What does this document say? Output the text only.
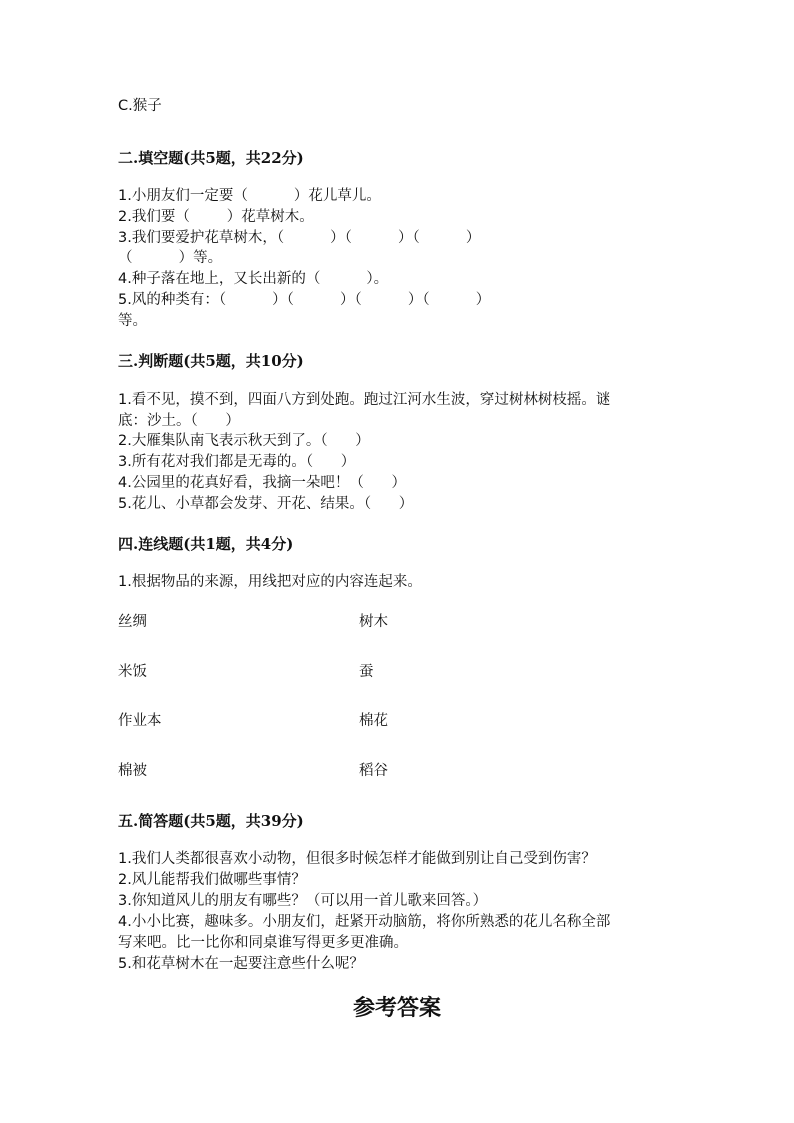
C.猴子
二.填空题(共5题，共22分)
1.小朋友们一定要（          ）花儿草儿。
2.我们要（        ）花草树木。
3.我们要爱护花草树木，（          ）（          ）（          ）
（          ）等。
4.种子落在地上，又长出新的（          ）。
5.风的种类有：（          ）（          ）（          ）（          ）
等。
三.判断题(共5题，共10分)
1.看不见，摸不到，四面八方到处跑。跑过江河水生波，穿过树林树枝摇。谜
底：沙土。（      ）
2.大雁集队南飞表示秋天到了。（      ）
3.所有花对我们都是无毒的。（      ）
4.公园里的花真好看，我摘一朵吧！（      ）
5.花儿、小草都会发芽、开花、结果。（      ）
四.连线题(共1题，共4分)
1.根据物品的来源，用线把对应的内容连起来。
丝绸	树木
米饭	蚕
作业本	棉花
棉被	稻谷
五.简答题(共5题，共39分)
1.我们人类都很喜欢小动物，但很多时候怎样才能做到别让自己受到伤害？
2.风儿能帮我们做哪些事情？
3.你知道风儿的朋友有哪些？（可以用一首儿歌来回答。）
4.小小比赛，趣味多。小朋友们，赶紧开动脑筋，将你所熟悉的花儿名称全部
写来吧。比一比你和同桌谁写得更多更准确。
5.和花草树木在一起要注意些什么呢？
参考答案
